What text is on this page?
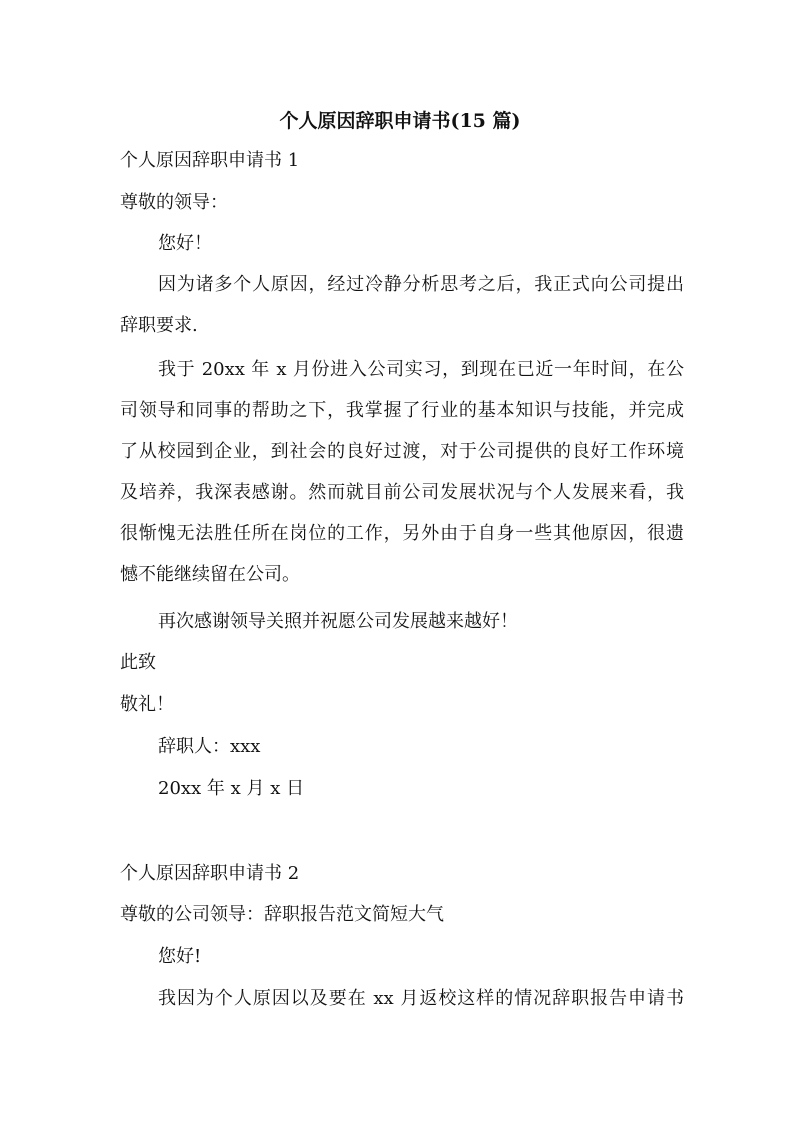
个人原因辞职申请书(15 篇)
个人原因辞职申请书 1
尊敬的领导：
您好！
因为诸多个人原因，经过冷静分析思考之后，我正式向公司提出
辞职要求.
我于 20xx 年 x 月份进入公司实习，到现在已近一年时间，在公
司领导和同事的帮助之下，我掌握了行业的基本知识与技能，并完成
了从校园到企业，到社会的良好过渡，对于公司提供的良好工作环境
及培养，我深表感谢。然而就目前公司发展状况与个人发展来看，我
很惭愧无法胜任所在岗位的工作，另外由于自身一些其他原因，很遗
憾不能继续留在公司。
再次感谢领导关照并祝愿公司发展越来越好！
此致
敬礼！
辞职人：xxx
20xx 年 x 月 x 日
个人原因辞职申请书 2
尊敬的公司领导：辞职报告范文简短大气
您好!
我因为个人原因以及要在 xx 月返校这样的情况辞职报告申请书
